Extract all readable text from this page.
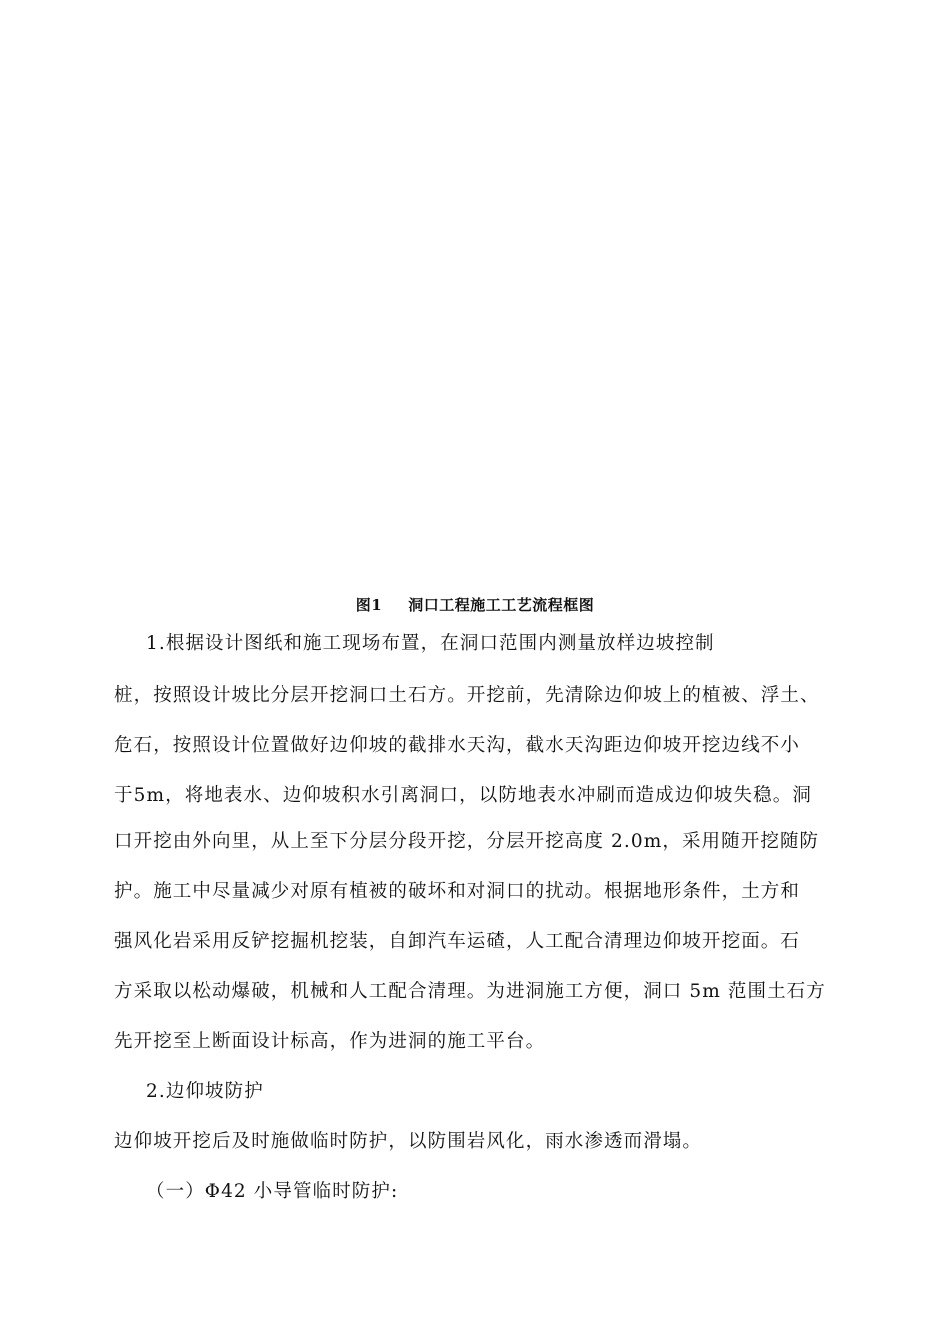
图1 洞口工程施工工艺流程框图
1.根据设计图纸和施工现场布置，在洞口范围内测量放样边坡控制
桩，按照设计坡比分层开挖洞口土石方。开挖前，先清除边仰坡上的植被、浮土、
危石，按照设计位置做好边仰坡的截排水天沟，截水天沟距边仰坡开挖边线不小
于5m，将地表水、边仰坡积水引离洞口，以防地表水冲刷而造成边仰坡失稳。洞
口开挖由外向里，从上至下分层分段开挖，分层开挖高度 2.0m，采用随开挖随防
护。施工中尽量减少对原有植被的破坏和对洞口的扰动。根据地形条件，土方和
强风化岩采用反铲挖掘机挖装，自卸汽车运碴，人工配合清理边仰坡开挖面。石
方采取以松动爆破，机械和人工配合清理。为进洞施工方便，洞口 5m 范围土石方
先开挖至上断面设计标高，作为进洞的施工平台。
2.边仰坡防护
边仰坡开挖后及时施做临时防护，以防围岩风化，雨水渗透而滑塌。
（一）Φ42 小导管临时防护:
